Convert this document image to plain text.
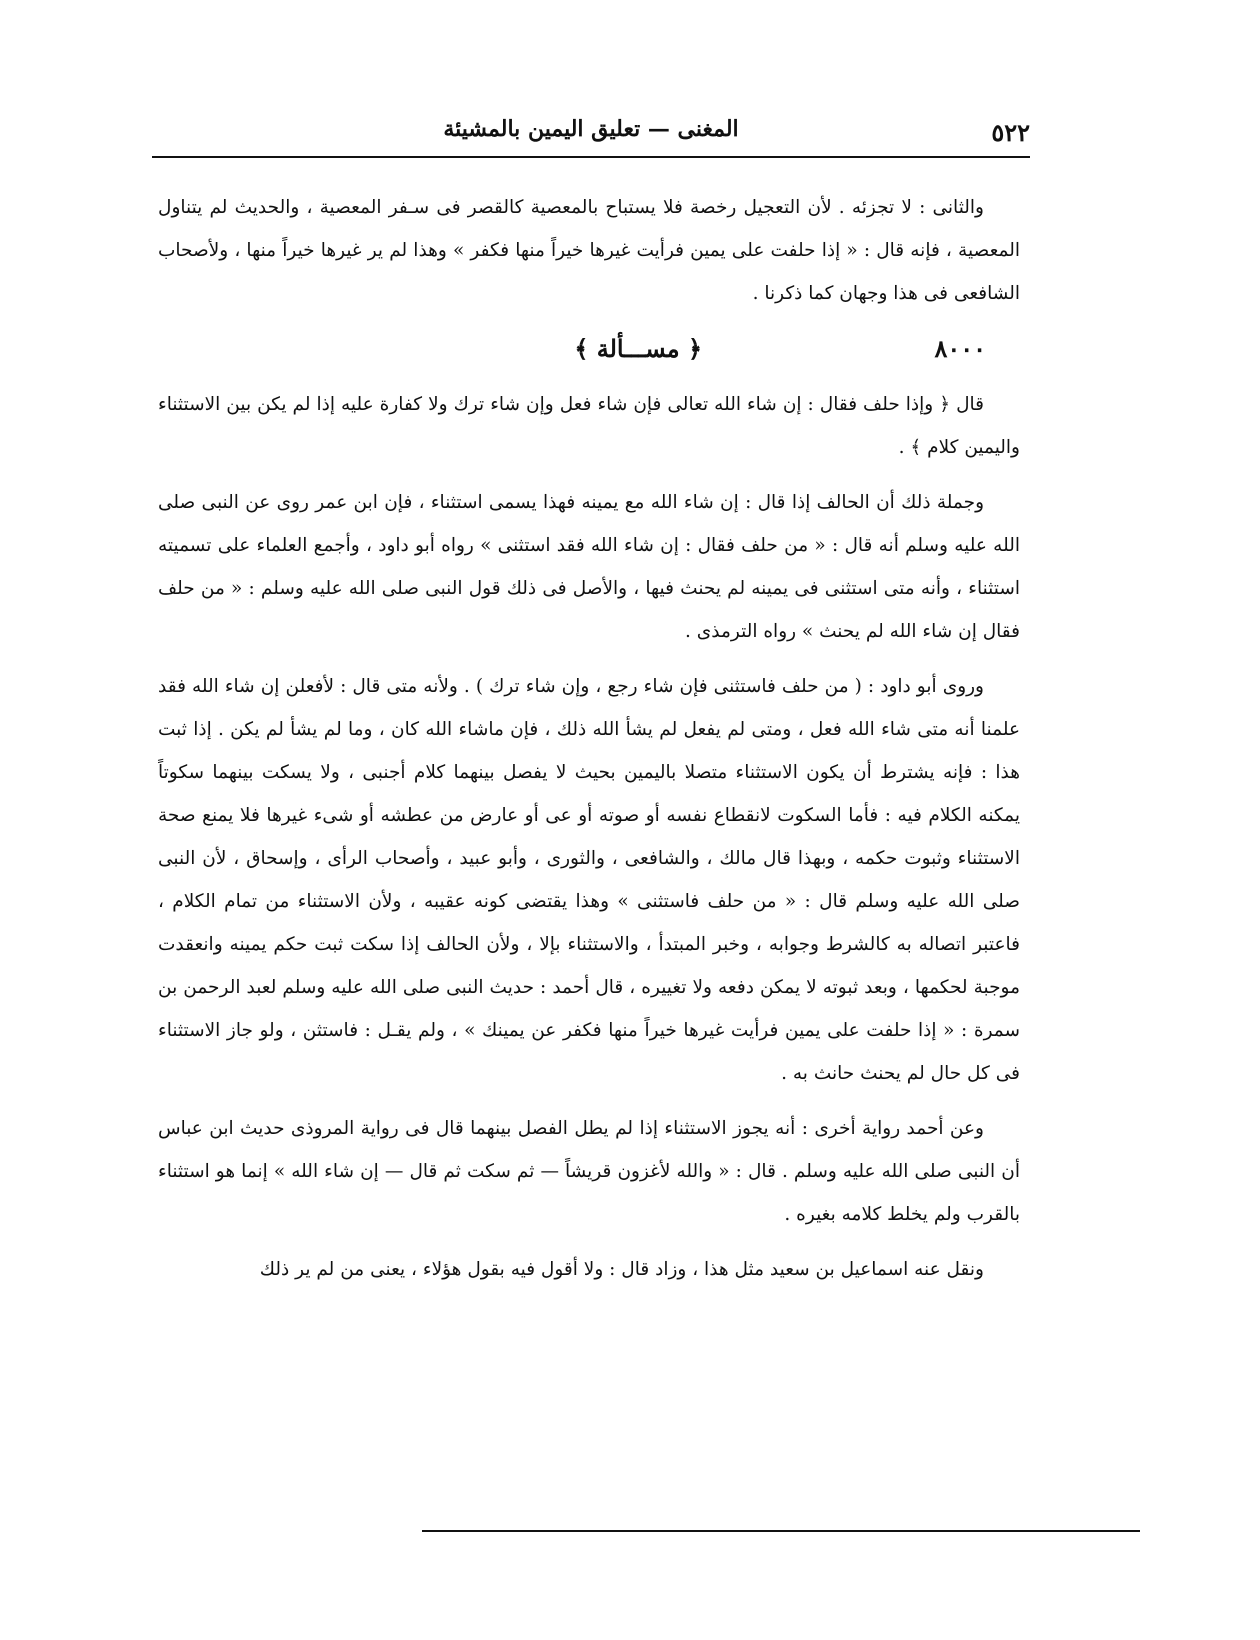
٥٢٢
المغنى — تعليق اليمين بالمشيئة

والثانى : لا تجزئه . لأن التعجيل رخصة فلا يستباح بالمعصية كالقصر فى سـفر المعصية ، والحديث لم يتناول المعصية ، فإنه قال : « إذا حلفت على يمين فرأيت غيرها خيراً منها فكفر » وهذا لم ير غيرها خيراً منها ، ولأصحاب الشافعى فى هذا وجهان كما ذكرنا .

﴿ مســـألة ﴾	٨٠٠٠

قال ﴿ وإذا حلف فقال : إن شاء الله تعالى فإن شاء فعل وإن شاء ترك ولا كفارة عليه إذا لم يكن بين الاستثناء واليمين كلام ﴾ .

وجملة ذلك أن الحالف إذا قال : إن شاء الله مع يمينه فهذا يسمى استثناء ، فإن ابن عمر روى عن النبى صلى الله عليه وسلم أنه قال : « من حلف فقال : إن شاء الله فقد استثنى » رواه أبو داود ، وأجمع العلماء على تسميته استثناء ، وأنه متى استثنى فى يمينه لم يحنث فيها ، والأصل فى ذلك قول النبى صلى الله عليه وسلم : « من حلف فقال إن شاء الله لم يحنث » رواه الترمذى .

وروى أبو داود : ( من حلف فاستثنى فإن شاء رجع ، وإن شاء ترك ) . ولأنه متى قال : لأفعلن إن شاء الله فقد علمنا أنه متى شاء الله فعل ، ومتى لم يفعل لم يشأ الله ذلك ، فإن ماشاء الله كان ، وما لم يشأ لم يكن . إذا ثبت هذا : فإنه يشترط أن يكون الاستثناء متصلا باليمين بحيث لا يفصل بينهما كلام أجنبى ، ولا يسكت بينهما سكوتاً يمكنه الكلام فيه : فأما السكوت لانقطاع نفسه أو صوته أو عى أو عارض من عطشه أو شىء غيرها فلا يمنع صحة الاستثناء وثبوت حكمه ، وبهذا قال مالك ، والشافعى ، والثورى ، وأبو عبيد ، وأصحاب الرأى ، وإسحاق ، لأن النبى صلى الله عليه وسلم قال : « من حلف فاستثنى » وهذا يقتضى كونه عقيبه ، ولأن الاستثناء من تمام الكلام ، فاعتبر اتصاله به كالشرط وجوابه ، وخبر المبتدأ ، والاستثناء بإلا ، ولأن الحالف إذا سكت ثبت حكم يمينه وانعقدت موجبة لحكمها ، وبعد ثبوته لا يمكن دفعه ولا تغييره ، قال أحمد : حديث النبى صلى الله عليه وسلم لعبد الرحمن بن سمرة : « إذا حلفت على يمين فرأيت غيرها خيراً منها فكفر عن يمينك » ، ولم يقـل : فاستثن ، ولو جاز الاستثناء فى كل حال لم يحنث حانث به .

وعن أحمد رواية أخرى : أنه يجوز الاستثناء إذا لم يطل الفصل بينهما قال فى رواية المروذى حديث ابن عباس أن النبى صلى الله عليه وسلم . قال : « والله لأغزون قريشاً — ثم سكت ثم قال — إن شاء الله » إنما هو استثناء بالقرب ولم يخلط كلامه بغيره .

ونقل عنه اسماعيل بن سعيد مثل هذا ، وزاد قال : ولا أقول فيه بقول هؤلاء ، يعنى من لم ير ذلك
